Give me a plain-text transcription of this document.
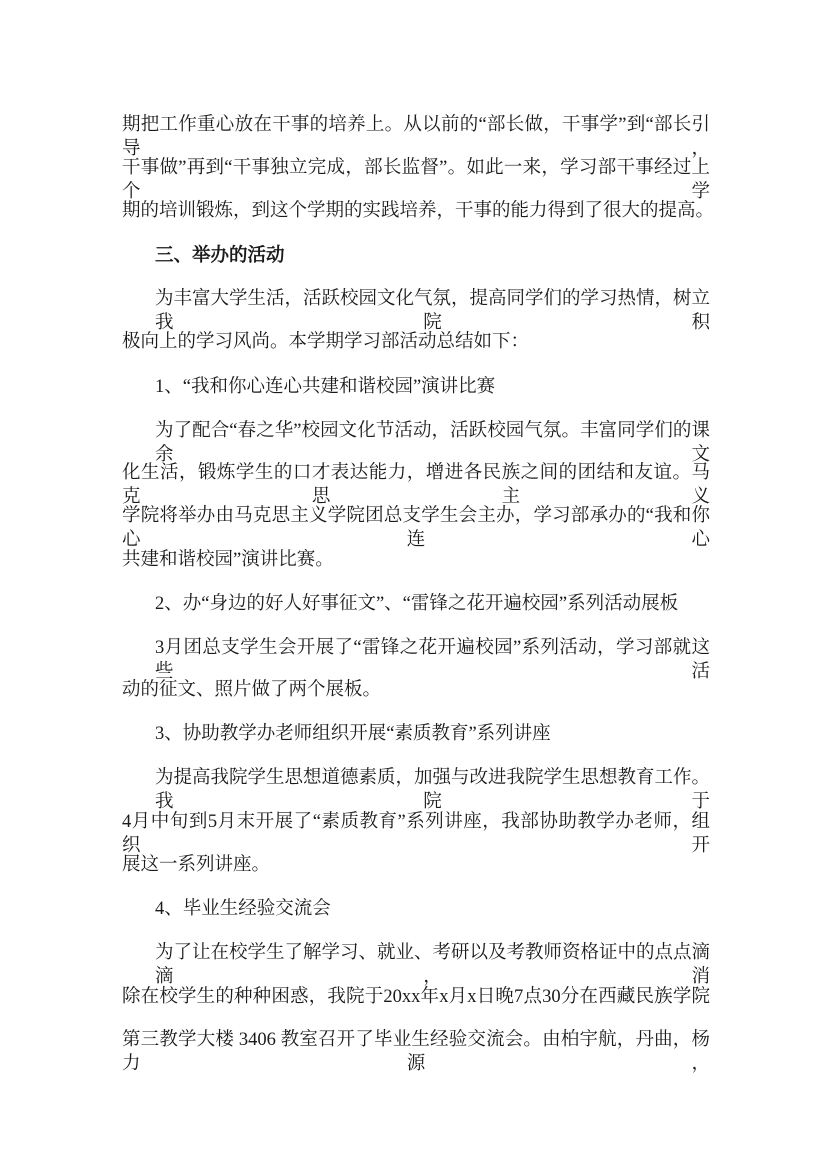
期把工作重心放在干事的培养上。从以前的“部长做，干事学”到“部长引导，
干事做”再到“干事独立完成，部长监督”。如此一来，学习部干事经过上个学
期的培训锻炼，到这个学期的实践培养，干事的能力得到了很大的提高。
三、举办的活动
为丰富大学生活，活跃校园文化气氛，提高同学们的学习热情，树立我院积
极向上的学习风尚。本学期学习部活动总结如下：
1、“我和你心连心共建和谐校园”演讲比赛
为了配合“春之华”校园文化节活动，活跃校园气氛。丰富同学们的课余文
化生活，锻炼学生的口才表达能力，增进各民族之间的团结和友谊。马克思主义
学院将举办由马克思主义学院团总支学生会主办，学习部承办的“我和你心连心
共建和谐校园”演讲比赛。
2、办“身边的好人好事征文”、“雷锋之花开遍校园”系列活动展板
3月团总支学生会开展了“雷锋之花开遍校园”系列活动，学习部就这些活
动的征文、照片做了两个展板。
3、协助教学办老师组织开展“素质教育”系列讲座
为提高我院学生思想道德素质，加强与改进我院学生思想教育工作。我院于
4月中旬到5月末开展了“素质教育”系列讲座，我部协助教学办老师，组织开
展这一系列讲座。
4、毕业生经验交流会
为了让在校学生了解学习、就业、考研以及考教师资格证中的点点滴滴，消
除在校学生的种种困惑，我院于20xx年x月x日晚7点30分在西藏民族学院
第三教学大楼 3406 教室召开了毕业生经验交流会。由柏宇航，丹曲，杨力源，
